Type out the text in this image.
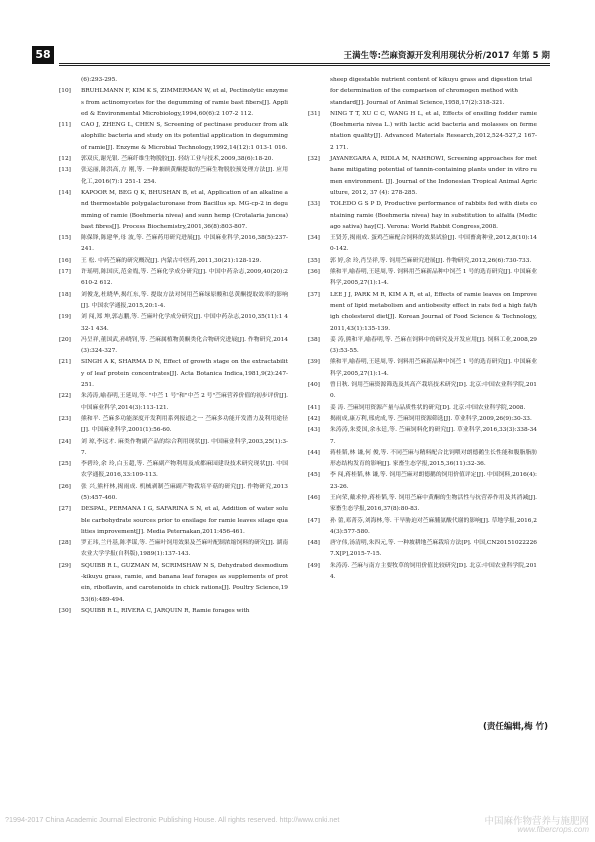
58	王满生等:苎麻资源开发利用现状分析/2017 年第 5 期
(6):293-295.
[10] BRUHLMANN F, KIM K S, ZIMMERMAN W, et al, Pectinolytic enzymes from actinomycetes for the degumming of ramie bast fibers[J]. Applied & Environmental Microbiology,1994,60(6):2 107-2 112.
[11] CAO J, ZHENG L, CHEN S, Screening of pectinase producer from alkalophilic bacteria and study on its potential application in degumming of ramie[J]. Enzyme & Microbial Technology,1992,14(12):1 013-1 016.
[12] 郭双庆,谢光银. 苎麻纤维生物脱胶[J]. 轻纺工业与技术,2009,38(6):18-20.
[13] 张运丽,陈洪高,方 刚,等. 一种兼顾黄酮提取的苎麻生物脱胶预处理方法[J]. 应用化工,2016(7):1 251-1 254.
[14] KAPOOR M, BEG Q K, BHUSHAN B, et al, Application of an alkaline and thermostable polygalacturonase from Bacillus sp. MG-cp-2 in degumming of ramie (Boehmeria nivea) and sunn hemp (Crotalaria juncea) bast fibres[J]. Process Biochemistry,2001,36(8):803-807.
[15] 陈保锋,陈建华,母 波,等. 苎麻药用研究进展[J]. 中国麻业科学,2016,38(5):237-241.
[16] 王 松. 中药苎麻的研究概况[J]. 内蒙古中医药,2011,30(21):128-129.
[17] 许瑶明,陈国庆,范金胤,等. 苎麻化学成分研究[J]. 中国中药杂志,2009,40(20):2 610-2 612.
[18] 刘俊龙,杜晓华,揭红东,等. 提取方法对饲用苎麻绿原酸和总黄酮提取效率的影响[J]. 中国农学通报,2015,20:1-4.
[19] 刘 闯,郑 坤,郭志鹏,等. 苎麻叶化学成分研究[J]. 中国中药杂志,2010,35(11):1 432-1 434.
[20] 冯呈祥,董国武,孙晓钊,等. 苎麻属植物黄酮类化合物研究进展[J]. 作物研究,2014(3):324-327.
[21] SINGH A K, SHARMA D N, Effect of growth stage on the extractability of leaf protein concentrates[J]. Acta Botanica Indica,1981,9(2):247-251.
[22] 朱涛涛,喻春明,王延周,等. "中苎 1 号"和"中苎 2 号"苎麻营养价值的初步评价[J]. 中国麻业科学,2014(3):113-121.
[23] 熊和平. 苎麻多功能深度开发利用系列报道之一 苎麻多功能开发潜力及利用途径[J]. 中国麻业科学,2001(1):56-60.
[24] 刘 琼,李远才. 麻类作物副产品的综合利用现状[J]. 中国麻业科学,2003,25(1):3-7.
[25] 李碧玲,余 玲,白玉超,等. 苎麻副产物利用及成都麻园建设技术研究现状[J]. 中国农学通报,2016,33:109-113.
[26] 张 兴,熊杆林,揭雨成. 机械剥制苎麻副产物栽培平菇的研究[J]. 作物研究,2013(5):457-460.
[27] DESPAL, PERMANA I G, SAFARINA S N, et al, Addition of water soluble carbohydrate sources prior to ensilage for ramie leaves silage qualities improvement[J]. Media Peternakan,2011:456-461.
[28] 罗正玮,兰丹基,陈孝谋,等. 苎麻叶饲用效果及苎麻叶配制浓缩饲料的研究[J]. 湖南农业大学学报(自科版),1989(1):137-143.
[29] SQUIBB R L, GUZMAN M, SCRIMSHAW N S, Dehydrated desmodium-kikuyu grass, ramie, and banana leaf forages as supplements of protein, riboflavin, and carotenoids in chick rations[J]. Poultry Science,1953(6):489-494.
[30] SQUIBB R L, RIVERA C, JARQUIN R, Ramie forages with
sheep digestable nutrient content of kikuyu grass and digestion trial for determination of the comparison of chromogen method with standard[J]. Journal of Animal Science,1958,17(2):318-321.
[31] NING T T, XU C C, WANG H L, et al, Effects of ensiling fodder ramie (Boehmeria nivea L.) with lactic acid bacteria and molasses on fermentation quality[J]. Advanced Materials Research,2012,524-527,2 167-2 171.
[32] JAYANEGARA A, RIDLA M, NAHROWI, Screening approaches for methane mitigating potential of tannin-containing plants under in vitro rumen environment. [J]. Journal of the Indonesian Tropical Animal Agriculture, 2012, 37 (4): 278-285.
[33] TOLEDO G S P D, Productive performance of rabbits fed with diets containing ramie (Boehmeria nivea) hay in substitution to alfalfa (Medicago sativa) hay[C]. Verona: World Rabbit Congress,2008.
[34] 王贤芳,揭雨成. 蛋鸡苎麻配合饲料的效果试验[J]. 中国畜禽种业,2012,8(10):140-142.
[35] 郭 婷,余 玲,肖呈祥,等. 饲用苎麻研究进展[J]. 作物研究,2012,26(6):730-733.
[36] 熊和平,喻春明,王延周,等. 饲料用苎麻新品种中饲苎 1 号的选育研究[J]. 中国麻业科学,2005,27(1):1-4.
[37] LEE J J, PARK M R, KIM A R, et al, Effects of ramie leaves on Improvement of lipid metabolism and antiobesity effect in rats fed a high fat/high cholesterol diet[J]. Korean Journal of Food Science & Technology,2011,43(1):135-139.
[38] 姜 涛,熊和平,喻春明,等. 苎麻在饲料中的研究及开发应用[J]. 饲料工业,2008,29(3):53-55.
[39] 熊和平,喻春明,王延周,等. 饲料用苎麻新品种中饲苎 1 号的选育研究[J]. 中国麻业科学,2005,27(1):1-4.
[40] 曾日秋. 饲用苎麻资源筛选及其高产栽培技术研究[D]. 北京:中国农业科学院,2010.
[41] 姜 涛. 苎麻饲用资源产量与品质性状的研究[D]. 北京:中国农业科学院,2008.
[42] 揭雨成,康万利,邢虎成,等. 苎麻饲用资源筛选[J]. 草业科学,2009,26(9):30-33.
[43] 朱涛涛,朱爱国,余永廷,等. 苎麻饲料化的研究[J]. 草业科学,2016,33(3):338-347.
[44] 蒋桂韬,林 谦,何 俊,等. 不同苎麻与精料配合比饲喂对朗德鹅生长性能和腹脂脂肪形态结构发育的影响[J]. 家畜生态学报,2015,36(11):32-36.
[45] 李 闯,蒋桂韬,林 谦,等. 饲用苎麻对朗德鹅的饲用价值评定[J]. 中国饲料,2016(4):23-26.
[46] 王向荣,戴求仲,蒋桂韬,等. 饲用苎麻中黄酮的生物活性与抗营养作用及其消减[J]. 家畜生态学报,2016,37(8):80-83.
[47] 孙 蕾,邓菁芬,刘海林,等. 干旱胁迫对苎麻脯氨酸代谢的影响[J]. 草地学报,2016,24(3):577-580.
[48] 唐守伟,汤清明,朱四元,等. 一种坡耕地苎麻栽培方法[P]. 中国,CN201510222267.X[P],2015-7-15.
[49] 朱涛涛. 苎麻与南方主要牧草的饲用价值比较研究[D]. 北京:中国农业科学院,2014.
(责任编辑,梅 竹)
?1994-2017 China Academic Journal Electronic Publishing House. All rights reserved. http://www.cnki.net	中国麻作物营养与施肥网
www.fibercrops.com
